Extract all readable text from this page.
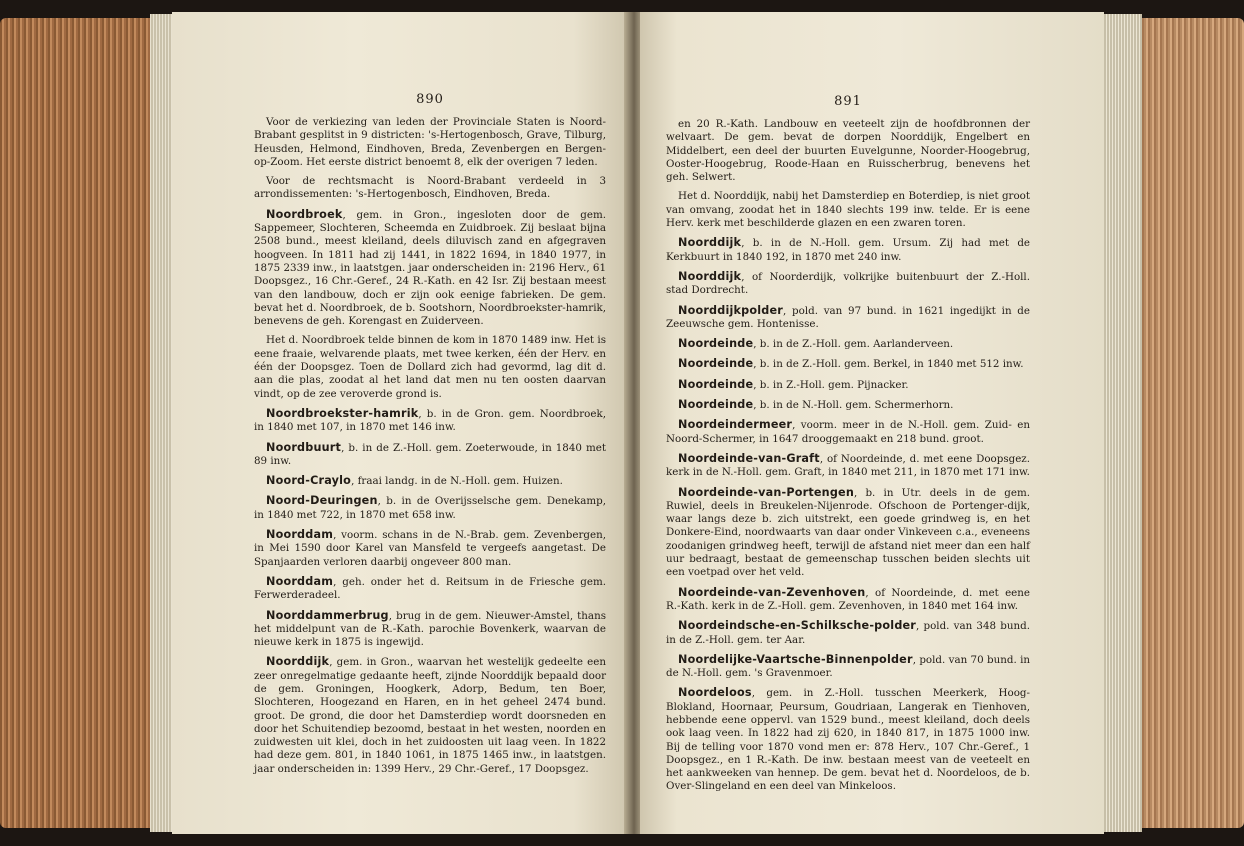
890

Voor de verkiezing van leden der Provinciale Staten is Noord-Brabant gesplitst in 9 districten: 's-Hertogenbosch, Grave, Tilburg, Heusden, Helmond, Eindhoven, Breda, Zevenbergen en Bergen-op-Zoom. Het eerste district benoemt 8, elk der overigen 7 leden.

Voor de rechtsmacht is Noord-Brabant verdeeld in 3 arrondissementen: 's-Hertogenbosch, Eindhoven, Breda.

Noordbroek, gem. in Gron., ingesloten door de gem. Sappemeer, Slochteren, Scheemda en Zuidbroek. Zij beslaat bijna 2508 bund., meest kleiland, deels diluvisch zand en afgegraven hoogveen. In 1811 had zij 1441, in 1822 1694, in 1840 1977, in 1875 2339 inw., in laatstgen. jaar onderscheiden in: 2196 Herv., 61 Doopsgez., 16 Chr.-Geref., 24 R.-Kath. en 42 Isr. Zij bestaan meest van den landbouw, doch er zijn ook eenige fabrieken. De gem. bevat het d. Noordbroek, de b. Sootshorn, Noordbroekster-hamrik, benevens de geh. Korengast en Zuiderveen.

Het d. Noordbroek telde binnen de kom in 1870 1489 inw. Het is eene fraaie, welvarende plaats, met twee kerken, één der Herv. en één der Doopsgez. Toen de Dollard zich had gevormd, lag dit d. aan die plas, zoodat al het land dat men nu ten oosten daarvan vindt, op de zee veroverde grond is.

Noordbroekster-hamrik, b. in de Gron. gem. Noordbroek, in 1840 met 107, in 1870 met 146 inw.

Noordbuurt, b. in de Z.-Holl. gem. Zoeterwoude, in 1840 met 89 inw.

Noord-Craylo, fraai landg. in de N.-Holl. gem. Huizen.

Noord-Deuringen, b. in de Overijsselsche gem. Denekamp, in 1840 met 722, in 1870 met 658 inw.

Noorddam, voorm. schans in de N.-Brab. gem. Zevenbergen, in Mei 1590 door Karel van Mansfeld te vergeefs aangetast. De Spanjaarden verloren daarbij ongeveer 800 man.

Noorddam, geh. onder het d. Reitsum in de Friesche gem. Ferwerderadeel.

Noorddammerbrug, brug in de gem. Nieuwer-Amstel, thans het middelpunt van de R.-Kath. parochie Bovenkerk, waarvan de nieuwe kerk in 1875 is ingewijd.

Noorddijk, gem. in Gron., waarvan het westelijk gedeelte een zeer onregelmatige gedaante heeft, zijnde Noorddijk bepaald door de gem. Groningen, Hoogkerk, Adorp, Bedum, ten Boer, Slochteren, Hoogezand en Haren, en in het geheel 2474 bund. groot. De grond, die door het Damsterdiep wordt doorsneden en door het Schuitendiep bezoomd, bestaat in het westen, noorden en zuidwesten uit klei, doch in het zuidoosten uit laag veen. In 1822 had deze gem. 801, in 1840 1061, in 1875 1465 inw., in laatstgen. jaar onderscheiden in: 1399 Herv., 29 Chr.-Geref., 17 Doopsgez.

891

en 20 R.-Kath. Landbouw en veeteelt zijn de hoofdbronnen der welvaart. De gem. bevat de dorpen Noorddijk, Engelbert en Middelbert, een deel der buurten Euvelgunne, Noorder-Hoogebrug, Ooster-Hoogebrug, Roode-Haan en Ruisscherbrug, benevens het geh. Selwert.

Het d. Noorddijk, nabij het Damsterdiep en Boterdiep, is niet groot van omvang, zoodat het in 1840 slechts 199 inw. telde. Er is eene Herv. kerk met beschilderde glazen en een zwaren toren.

Noorddijk, b. in de N.-Holl. gem. Ursum. Zij had met de Kerkbuurt in 1840 192, in 1870 met 240 inw.

Noorddijk, of Noorderdijk, volkrijke buitenbuurt der Z.-Holl. stad Dordrecht.

Noorddijkpolder, pold. van 97 bund. in 1621 ingedijkt in de Zeeuwsche gem. Hontenisse.

Noordeinde, b. in de Z.-Holl. gem. Aarlanderveen.

Noordeinde, b. in de Z.-Holl. gem. Berkel, in 1840 met 512 inw.

Noordeinde, b. in Z.-Holl. gem. Pijnacker.

Noordeinde, b. in de N.-Holl. gem. Schermerhorn.

Noordeindermeer, voorm. meer in de N.-Holl. gem. Zuid- en Noord-Schermer, in 1647 drooggemaakt en 218 bund. groot.

Noordeinde-van-Graft, of Noordeinde, d. met eene Doopsgez. kerk in de N.-Holl. gem. Graft, in 1840 met 211, in 1870 met 171 inw.

Noordeinde-van-Portengen, b. in Utr. deels in de gem. Ruwiel, deels in Breukelen-Nijenrode. Ofschoon de Portenger-dijk, waar langs deze b. zich uitstrekt, een goede grindweg is, en het Donkere-Eind, noordwaarts van daar onder Vinkeveen c.a., eveneens zoodanigen grindweg heeft, terwijl de afstand niet meer dan een half uur bedraagt, bestaat de gemeenschap tusschen beiden slechts uit een voetpad over het veld.

Noordeinde-van-Zevenhoven, of Noordeinde, d. met eene R.-Kath. kerk in de Z.-Holl. gem. Zevenhoven, in 1840 met 164 inw.

Noordeindsche-en-Schilksche-polder, pold. van 348 bund. in de Z.-Holl. gem. ter Aar.

Noordelijke-Vaartsche-Binnenpolder, pold. van 70 bund. in de N.-Holl. gem. 's Gravenmoer.

Noordeloos, gem. in Z.-Holl. tusschen Meerkerk, Hoog-Blokland, Hoornaar, Peursum, Goudriaan, Langerak en Tienhoven, hebbende eene oppervl. van 1529 bund., meest kleiland, doch deels ook laag veen. In 1822 had zij 620, in 1840 817, in 1875 1000 inw. Bij de telling voor 1870 vond men er: 878 Herv., 107 Chr.-Geref., 1 Doopsgez., en 1 R.-Kath. De inw. bestaan meest van de veeteelt en het aankweeken van hennep. De gem. bevat het d. Noordeloos, de b. Over-Slingeland en een deel van Minkeloos.
